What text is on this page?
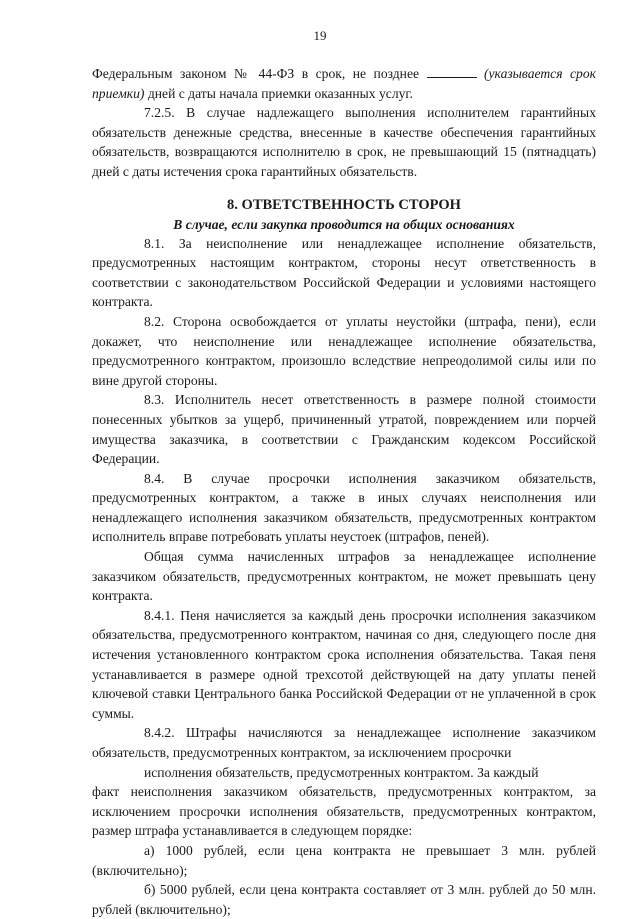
19

Федеральным законом № 44-ФЗ в срок, не позднее	(указывается срок приемки) дней с даты начала приемки оказанных услуг.

7.2.5. В случае надлежащего выполнения исполнителем гарантийных обязательств денежные средства, внесенные в качестве обеспечения гарантийных обязательств, возвращаются исполнителю в срок, не превышающий 15 (пятнадцать) дней с даты истечения срока гарантийных обязательств.

8. ОТВЕТСТВЕННОСТЬ СТОРОН
В случае, если закупка проводится на общих основаниях

8.1. За неисполнение или ненадлежащее исполнение обязательств, предусмотренных настоящим контрактом, стороны несут ответственность в соответствии с законодательством Российской Федерации и условиями настоящего контракта.

8.2. Сторона освобождается от уплаты неустойки (штрафа, пени), если докажет, что неисполнение или ненадлежащее исполнение обязательства, предусмотренного контрактом, произошло вследствие непреодолимой силы или по вине другой стороны.

8.3. Исполнитель несет ответственность в размере полной стоимости понесенных убытков за ущерб, причиненный утратой, повреждением или порчей имущества заказчика, в соответствии с Гражданским кодексом Российской Федерации.

8.4. В случае просрочки исполнения заказчиком обязательств, предусмотренных контрактом, а также в иных случаях неисполнения или ненадлежащего исполнения заказчиком обязательств, предусмотренных контрактом исполнитель вправе потребовать уплаты неустоек (штрафов, пеней).

Общая сумма начисленных штрафов за ненадлежащее исполнение заказчиком обязательств, предусмотренных контрактом, не может превышать цену контракта.

8.4.1. Пеня начисляется за каждый день просрочки исполнения заказчиком обязательства, предусмотренного контрактом, начиная со дня, следующего после дня истечения установленного контрактом срока исполнения обязательства. Такая пеня устанавливается в размере одной трехсотой действующей на дату уплаты пеней ключевой ставки Центрального банка Российской Федерации от не уплаченной в срок суммы.

8.4.2. Штрафы начисляются за ненадлежащее исполнение заказчиком обязательств, предусмотренных контрактом, за исключением просрочки

исполнения обязательств, предусмотренных контрактом. За каждый

факт неисполнения заказчиком обязательств, предусмотренных контрактом, за исключением просрочки исполнения обязательств, предусмотренных контрактом, размер штрафа устанавливается в следующем порядке:

а) 1000 рублей, если цена контракта не превышает 3 млн. рублей (включительно);

б) 5000 рублей, если цена контракта составляет от 3 млн. рублей до 50 млн. рублей (включительно);
